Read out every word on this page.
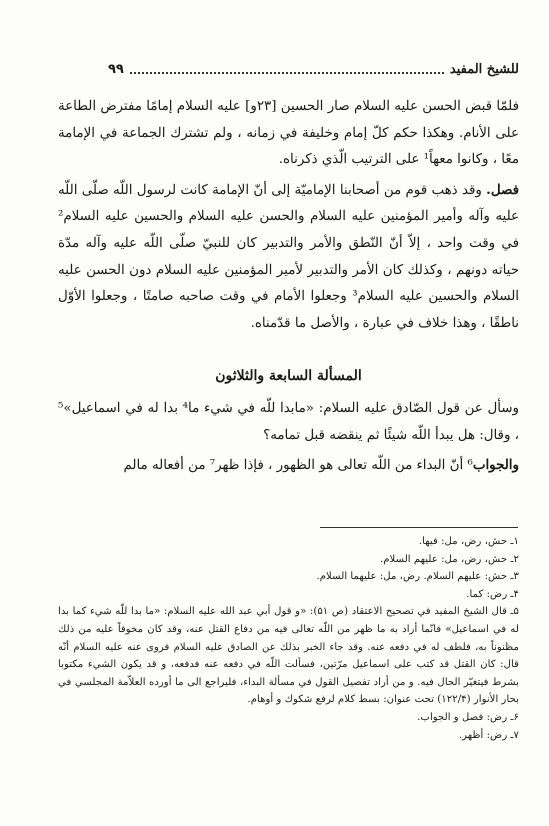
للشيخ المفيد
۹۹

فلمّا قبض الحسن عليه السلام صار الحسين [۲۳و] عليه السلام إمامًا مفترض الطاعة على الأنام. وهكذا حكم كلّ إمام وخليفة في زمانه ، ولم تشترك الجماعة في الإمامة معًا ، وكانوا معهاً¹ على الترتيب الّذي ذكرناه.

فصل. وقد ذهب قوم من أصحابنا الإماميّة إلى أنّ الإمامة كانت لرسول اللّه صلّى اللّه عليه وآله وأمير المؤمنين عليه السلام والحسن عليه السلام والحسين عليه السلام² في وقت واحد ، إلاّ أنّ النّطق والأمر والتدبير كان للنبيّ صلّى اللّه عليه وآله مدّة حياته دونهم ، وكذلك كان الأمر والتدبير لأمير المؤمنين عليه السلام دون الحسن عليه السلام والحسين عليه السلام³ وجعلوا الأمام في وقت صاحبه صامتًا ، وجعلوا الأوّل ناطقًا ، وهذا خلاف في عبارة ، والأصل ما قدّمناه.

المسألة السابعة والثلاثون

وسأل عن قول الصّادق عليه السلام: «مابدا للّه في شيء ما⁴ بدا له في اسماعيل»⁵ ، وقال: هل يبدأ اللّه شيئًا ثم ينقضه قبل تمامه؟

والجواب⁶ أنّ البداء من اللّه تعالى هو الظهور ، فإذا ظهر⁷ من أفعاله مالم

۱ـ حش، رض، مل: فيها.

۲ـ حش، رض، مل: عليهم السلام.

۳ـ حش: عليهم السلام. رض، مل: عليهما السلام.

۴ـ رض: كما.

۵ـ قال الشيخ المفيد في تصحيح الاعتقاد (ص ۵۱): «و قول أبي عبد الله عليه السلام: «ما بدا للّه شيء كما بدا له في اسماعيل» فانّما أراد به ما ظهر من اللّه تعالى فيه من دفاع القتل عنه، وقد كان مخوفاً عليه من ذلك مظنوناً به، فلطف له في دفعه عنه. وقد جاء الخبر بذلك عن الصادق عليه السلام فروى عنه عليه السلام أنّه قال: كان القتل قد كتب على اسماعيل مرّتين، فسألت اللّه في دفعه عنه فدفعه، و قد يكون الشيء مكتوبا بشرط فيتغيّر الحال فيه. و من أراد تفصيل القول في مسألة البداء، فليراجع الى ما أورده العلاّمة المجلسي في بحار الأنوار (۱۲۲/۴) تحت عنوان: بسط كلام لرفع شكوك و أوهام.

۶ـ رض: فصل و الجواب.

۷ـ رض: أظهر.
